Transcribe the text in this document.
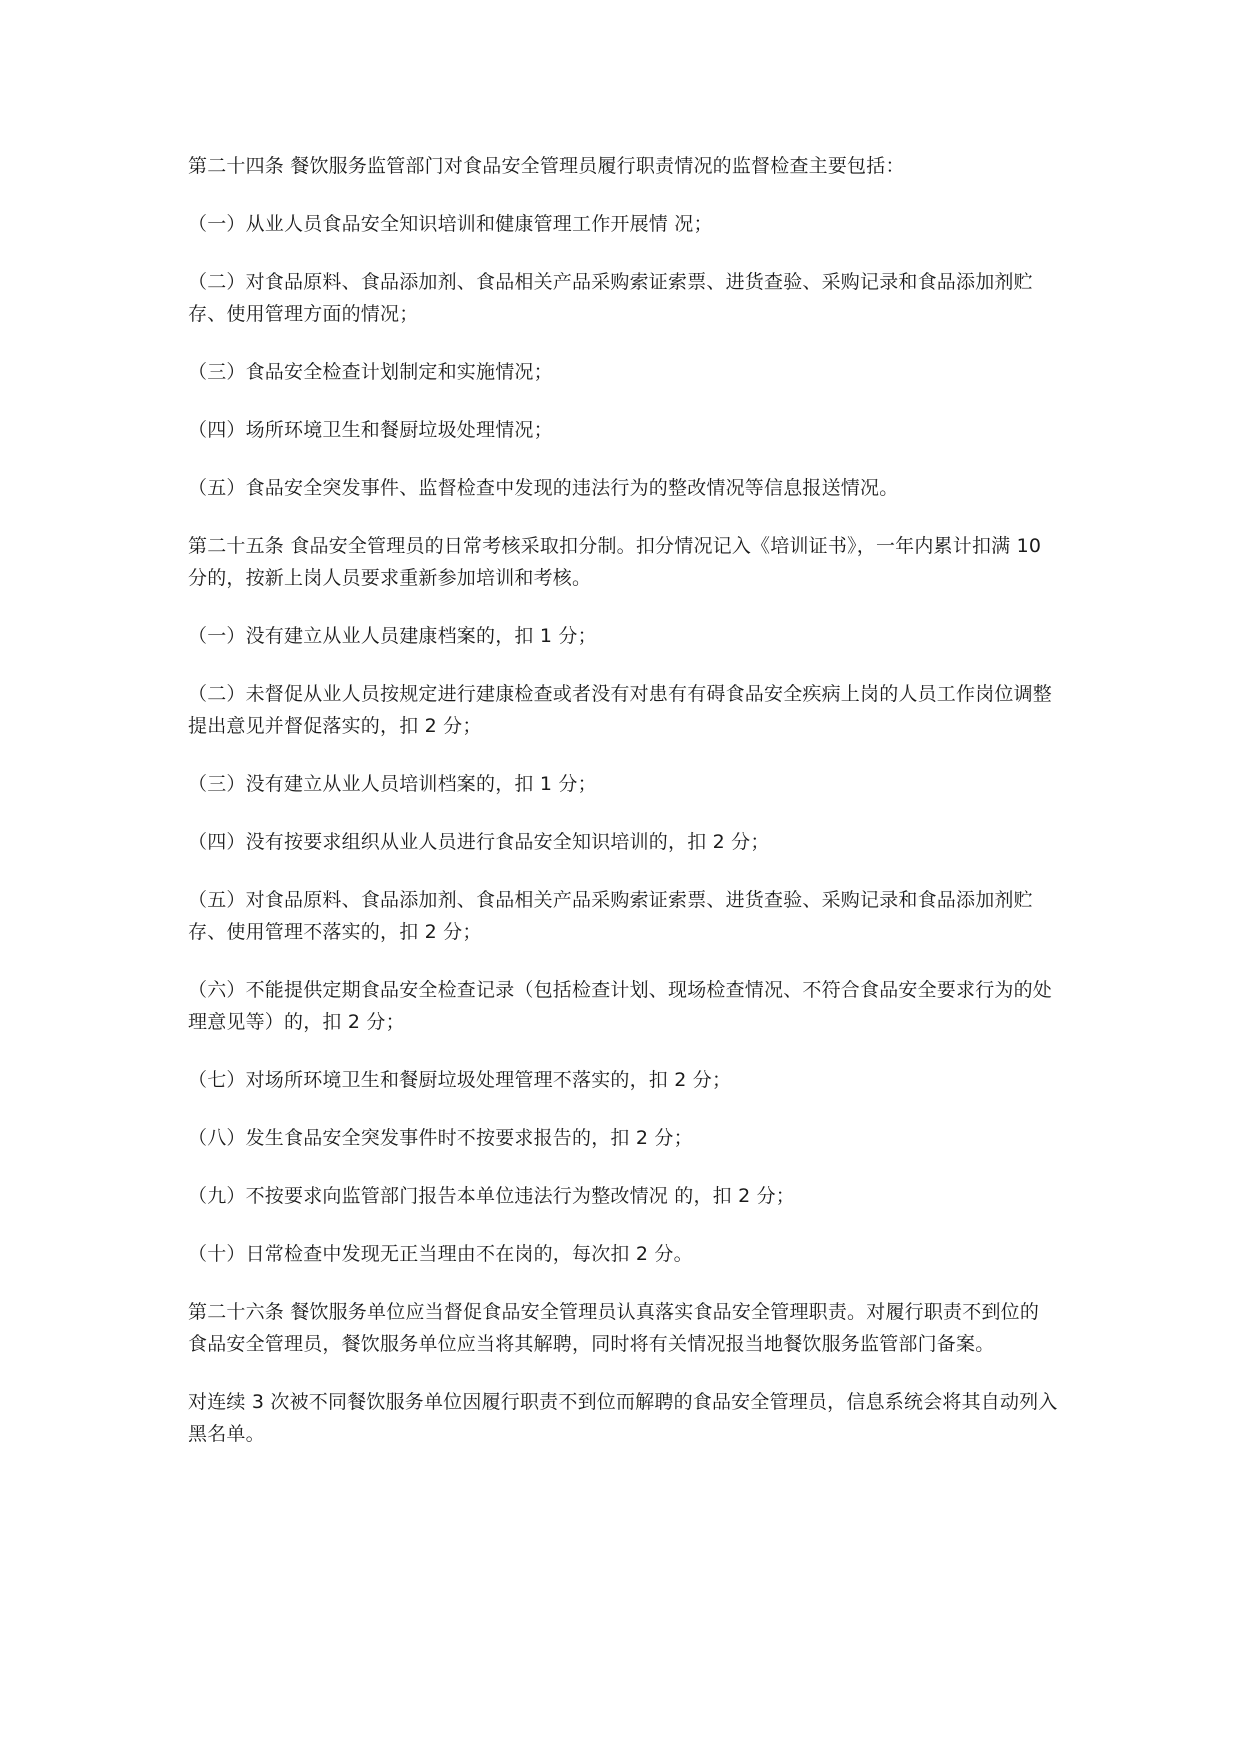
第二十四条 餐饮服务监管部门对食品安全管理员履行职责情况的监督检查主要包括：

（一）从业人员食品安全知识培训和健康管理工作开展情 况；

（二）对食品原料、食品添加剂、食品相关产品采购索证索票、进货查验、采购记录和食品添加剂贮存、使用管理方面的情况；

（三）食品安全检查计划制定和实施情况；

（四）场所环境卫生和餐厨垃圾处理情况；

（五）食品安全突发事件、监督检查中发现的违法行为的整改情况等信息报送情况。

第二十五条 食品安全管理员的日常考核采取扣分制。扣分情况记入《培训证书》，一年内累计扣满 10 分的，按新上岗人员要求重新参加培训和考核。

（一）没有建立从业人员建康档案的，扣 1 分；

（二）未督促从业人员按规定进行建康检查或者没有对患有有碍食品安全疾病上岗的人员工作岗位调整提出意见并督促落实的，扣 2 分；

（三）没有建立从业人员培训档案的，扣 1 分；

（四）没有按要求组织从业人员进行食品安全知识培训的，扣 2 分；

（五）对食品原料、食品添加剂、食品相关产品采购索证索票、进货查验、采购记录和食品添加剂贮存、使用管理不落实的，扣 2 分；

（六）不能提供定期食品安全检查记录（包括检查计划、现场检查情况、不符合食品安全要求行为的处理意见等）的，扣 2 分；

（七）对场所环境卫生和餐厨垃圾处理管理不落实的，扣 2 分；

（八）发生食品安全突发事件时不按要求报告的，扣 2 分；

（九）不按要求向监管部门报告本单位违法行为整改情况 的，扣 2 分；

（十）日常检查中发现无正当理由不在岗的，每次扣 2 分。

第二十六条 餐饮服务单位应当督促食品安全管理员认真落实食品安全管理职责。对履行职责不到位的食品安全管理员，餐饮服务单位应当将其解聘，同时将有关情况报当地餐饮服务监管部门备案。

对连续 3 次被不同餐饮服务单位因履行职责不到位而解聘的食品安全管理员，信息系统会将其自动列入黑名单。
